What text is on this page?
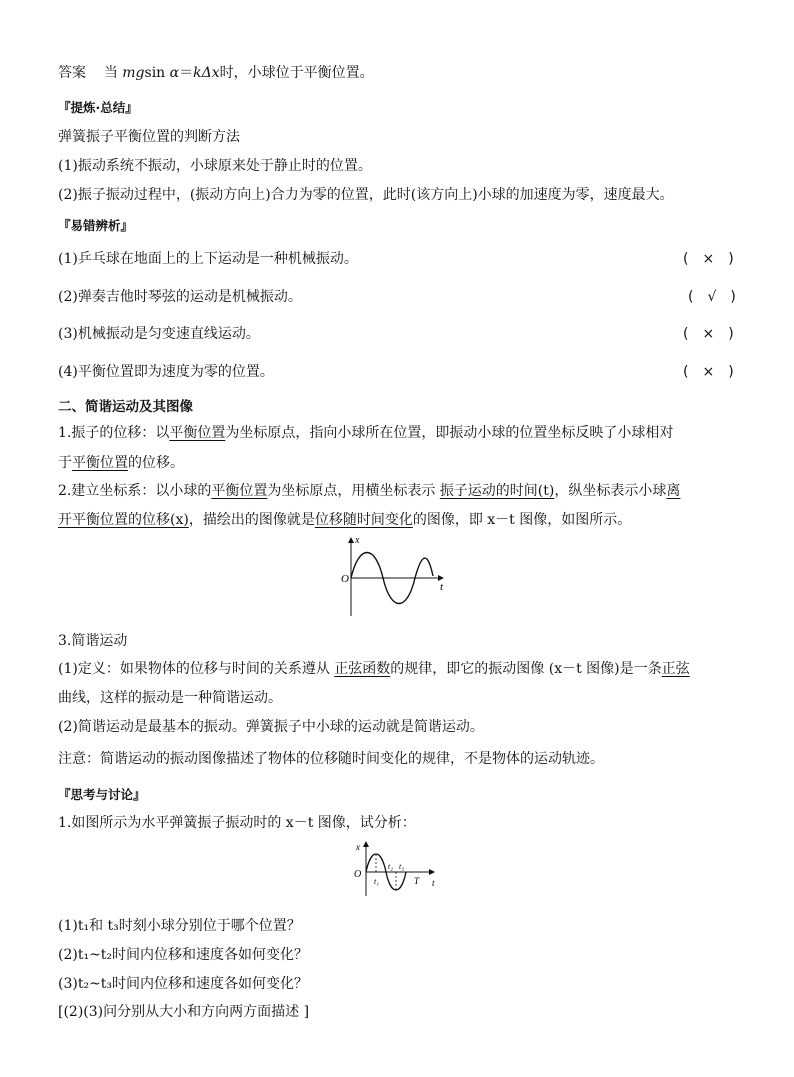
答案 当 mgsin α＝kΔx时，小球位于平衡位置。
『提炼·总结』
弹簧振子平衡位置的判断方法
(1)振动系统不振动，小球原来处于静止时的位置。
(2)振子振动过程中，(振动方向上)合力为零的位置，此时(该方向上)小球的加速度为零，速度最大。
『易错辨析』
(1)乒乓球在地面上的上下运动是一种机械振动。	(　×　)
(2)弹奏吉他时琴弦的运动是机械振动。	(　√　)
(3)机械振动是匀变速直线运动。	(　×　)
(4)平衡位置即为速度为零的位置。	(　×　)
二、简谐运动及其图像
1.振子的位移：以平衡位置为坐标原点，指向小球所在位置，即振动小球的位置坐标反映了小球相对
于平衡位置的位移。
2.建立坐标系：以小球的平衡位置为坐标原点，用横坐标表示 振子运动的时间(t)，纵坐标表示小球离
开平衡位置的位移(x)，描绘出的图像就是位移随时间变化的图像，即 x－t 图像，如图所示。
x
t
O
3.简谐运动
(1)定义：如果物体的位移与时间的关系遵从 正弦函数的规律，即它的振动图像 (x－t 图像)是一条正弦
曲线，这样的振动是一种简谐运动。
(2)简谐运动是最基本的振动。弹簧振子中小球的运动就是简谐运动。
注意：简谐运动的振动图像描述了物体的位移随时间变化的规律，不是物体的运动轨迹。
『思考与讨论』
1.如图所示为水平弹簧振子振动时的 x－t 图像，试分析：
x
O
t₁
t₂ t₃
T t
(1)t₁和 t₃时刻小球分别位于哪个位置？
(2)t₁~t₂时间内位移和速度各如何变化？
(3)t₂~t₃时间内位移和速度各如何变化？
[(2)(3)问分别从大小和方向两方面描述 ]
